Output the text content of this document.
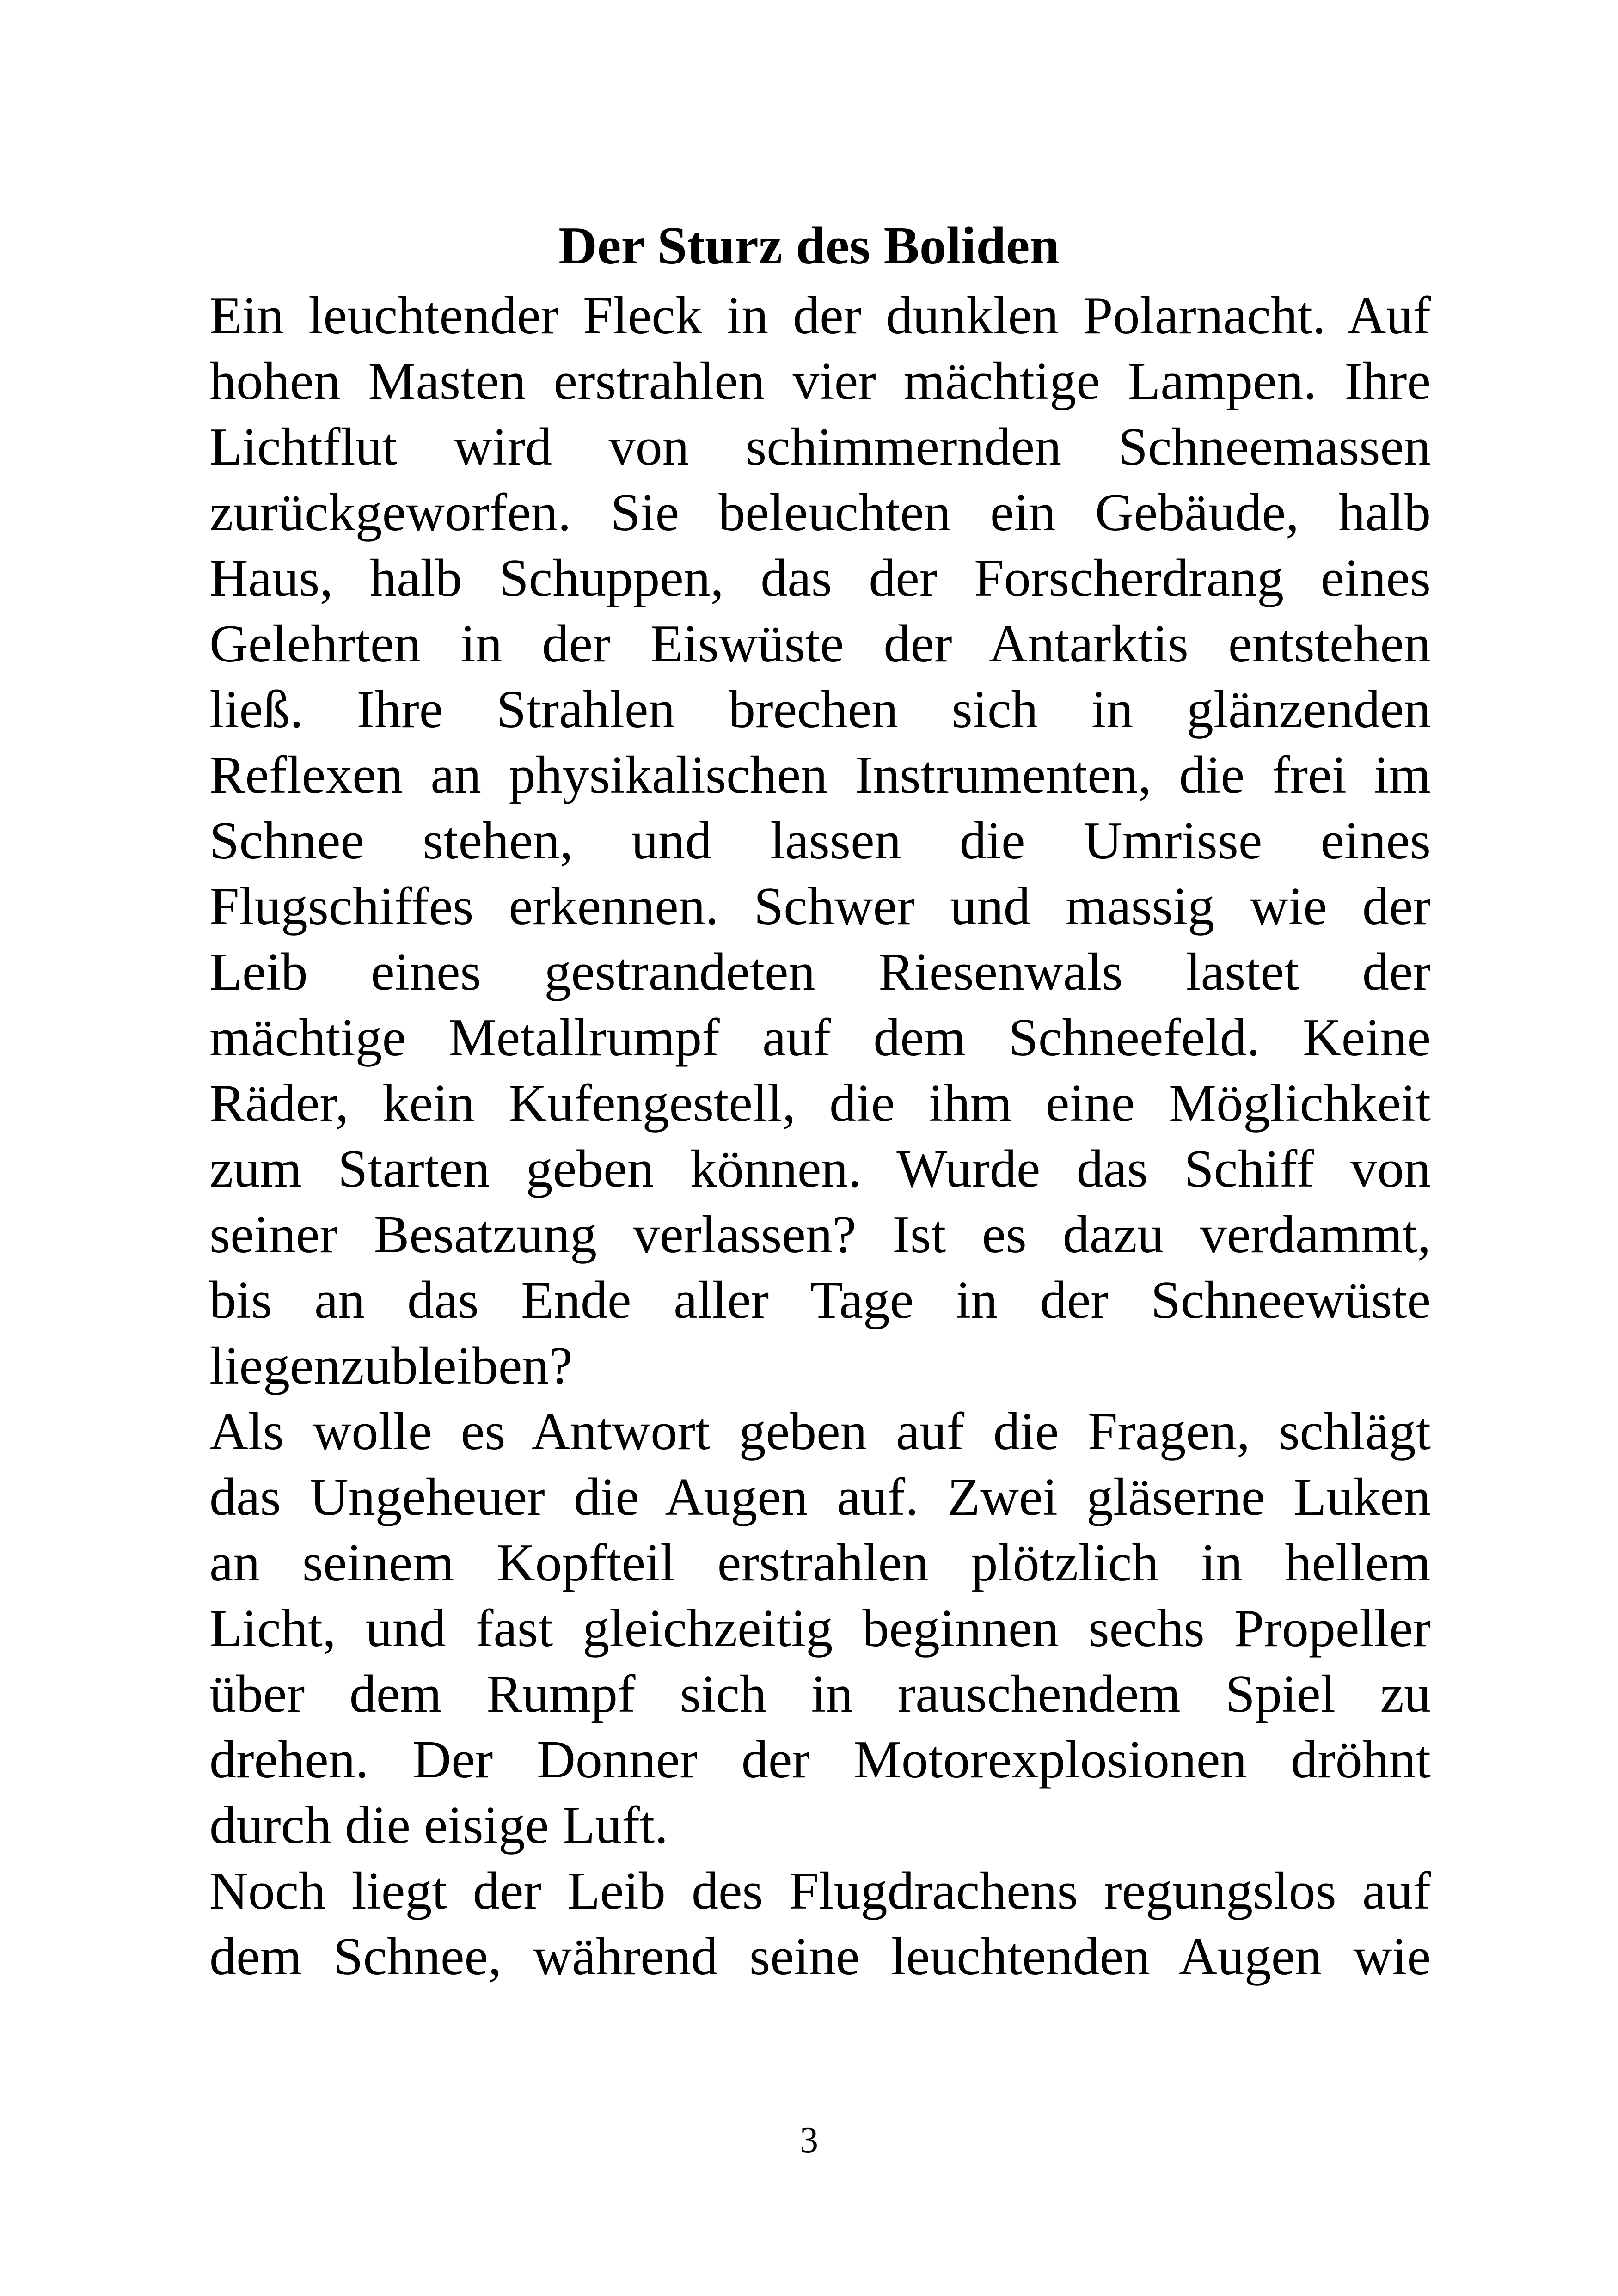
Der Sturz des Boliden
Ein leuchtender Fleck in der dunklen Polarnacht. Auf
hohen Masten erstrahlen vier mächtige Lampen. Ihre
Lichtflut wird von schimmernden Schneemassen
zurückgeworfen. Sie beleuchten ein Gebäude, halb
Haus, halb Schuppen, das der Forscherdrang eines
Gelehrten in der Eiswüste der Antarktis entstehen
ließ. Ihre Strahlen brechen sich in glänzenden
Reflexen an physikalischen Instrumenten, die frei im
Schnee stehen, und lassen die Umrisse eines
Flugschiffes erkennen. Schwer und massig wie der
Leib eines gestrandeten Riesenwals lastet der
mächtige Metallrumpf auf dem Schneefeld. Keine
Räder, kein Kufengestell, die ihm eine Möglichkeit
zum Starten geben können. Wurde das Schiff von
seiner Besatzung verlassen? Ist es dazu verdammt,
bis an das Ende aller Tage in der Schneewüste
liegenzubleiben?
Als wolle es Antwort geben auf die Fragen, schlägt
das Ungeheuer die Augen auf. Zwei gläserne Luken
an seinem Kopfteil erstrahlen plötzlich in hellem
Licht, und fast gleichzeitig beginnen sechs Propeller
über dem Rumpf sich in rauschendem Spiel zu
drehen. Der Donner der Motorexplosionen dröhnt
durch die eisige Luft.
Noch liegt der Leib des Flugdrachens regungslos auf
dem Schnee, während seine leuchtenden Augen wie
3
